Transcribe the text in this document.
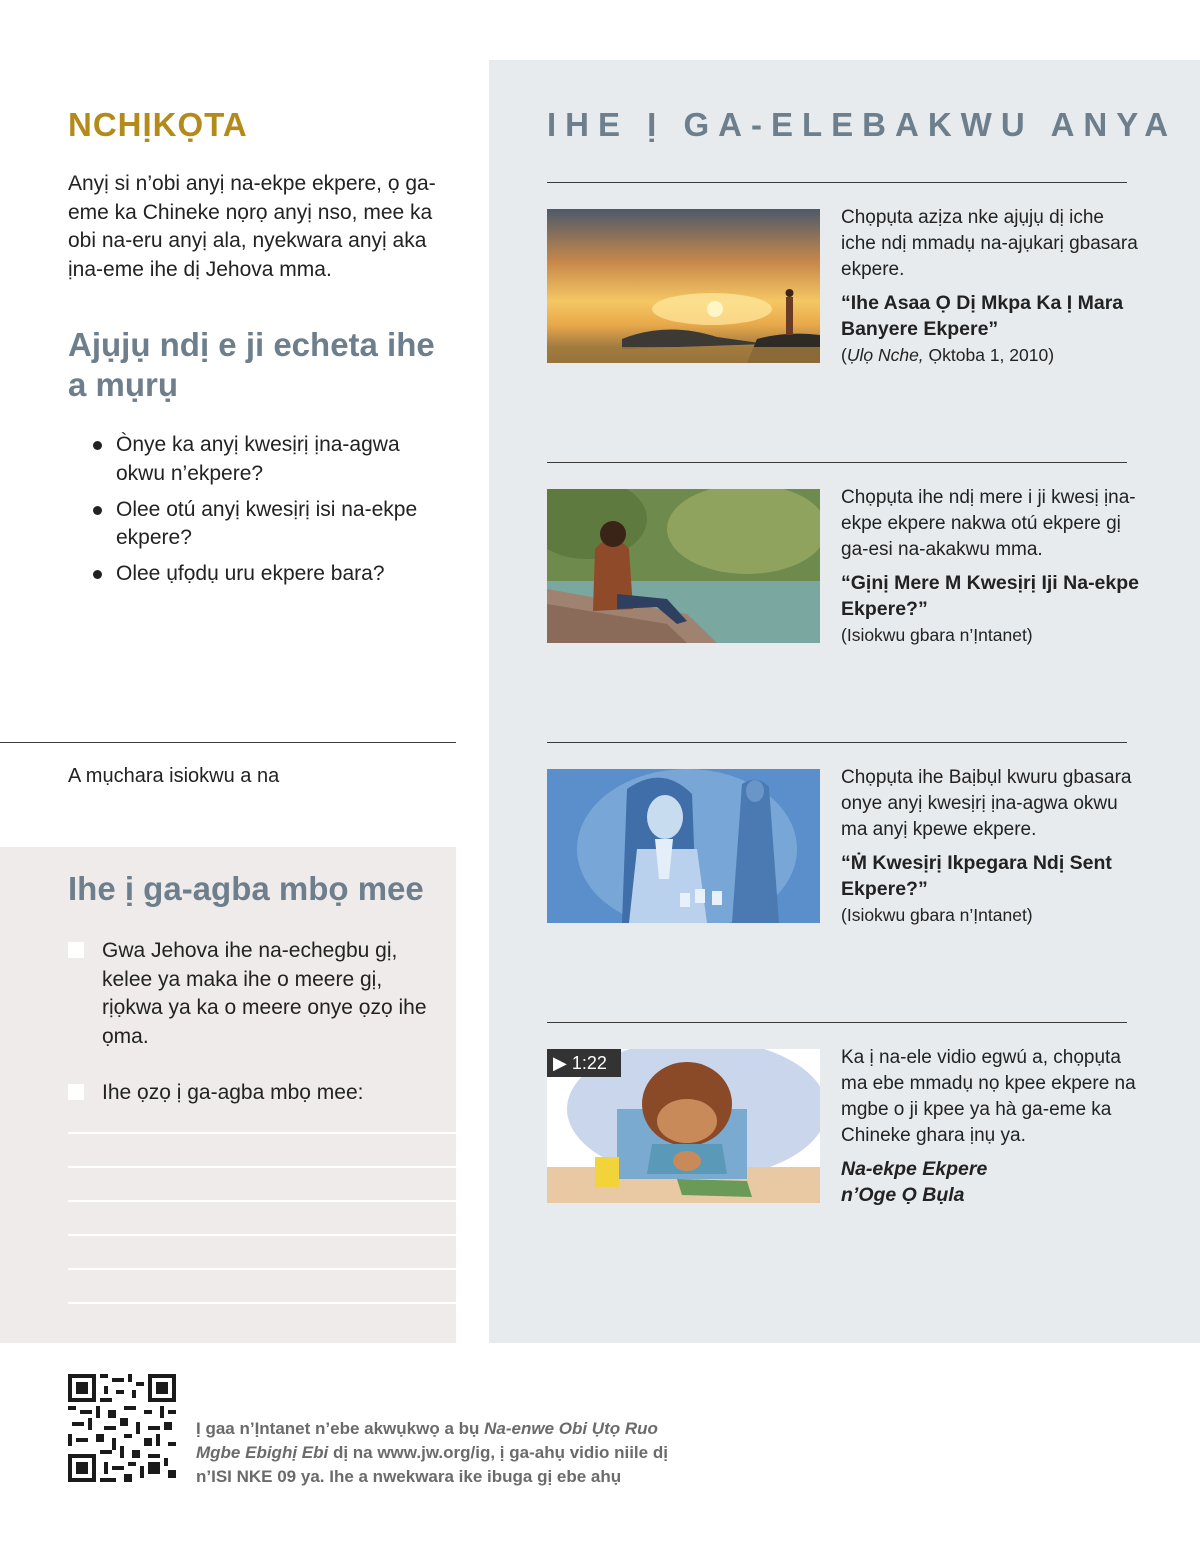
IHE Ị GA-ELEBAKWU ANYA
Chọpụta azịza nke ajụjụ dị iche iche ndị mmadụ na-ajụkarị gbasara ekpere.
“Ihe Asaa Ọ Dị Mkpa Ka Ị Mara Banyere Ekpere”
(Ụlọ Nche, Ọktoba 1, 2010)
Chọpụta ihe ndị mere i ji kwesị ịna-ekpe ekpere nakwa otú ekpere gị ga-esi na-akakwu mma.
“Gịnị Mere M Kwesịrị Iji Na-ekpe Ekpere?”
(Isiokwu gbara n’Ịntanet)
Chọpụta ihe Baịbụl kwuru gbasara onye anyị kwesịrị ịna-agwa okwu ma anyị kpewe ekpere.
“Ṁ Kwesịrị Ikpegara Ndị Sent Ekpere?”
(Isiokwu gbara n’Ịntanet)
▶ 1:22	Ka ị na-ele vidio egwú a, chọpụta ma ebe mmadụ nọ kpee ekpere na mgbe o ji kpee ya hà ga-eme ka Chineke ghara ịnụ ya.
Na-ekpe Ekpere n’Oge Ọ Bụla
NCHỊKỌTA
Anyị si n’obi anyị na-ekpe ekpere, ọ ga-eme ka Chineke nọrọ anyị nso, mee ka obi na-eru anyị ala, nyekwara anyị aka ịna-eme ihe dị Jehova mma.
Ajụjụ ndị e ji echeta ihe a mụrụ
Ònye ka anyị kwesịrị ịna-agwa okwu n’ekpere?
Olee otú anyị kwesịrị isi na-ekpe ekpere?
Olee ụfọdụ uru ekpere bara?
A mụchara isiokwu a na
Ihe ị ga-agba mbọ mee
Gwa Jehova ihe na-echegbu gị, kelee ya maka ihe o meere gị, rịọkwa ya ka o meere onye ọzọ ihe ọma.
Ihe ọzọ ị ga-agba mbọ mee:
Ị gaa n’Ịntanet n’ebe akwụkwọ a bụ Na-enwe Obi Ụtọ Ruo Mgbe Ebighị Ebi dị na www.jw.org/ig, ị ga-ahụ vidio niile dị n’ISI NKE 09 ya. Ihe a nwekwara ike ibuga gị ebe ahụ
